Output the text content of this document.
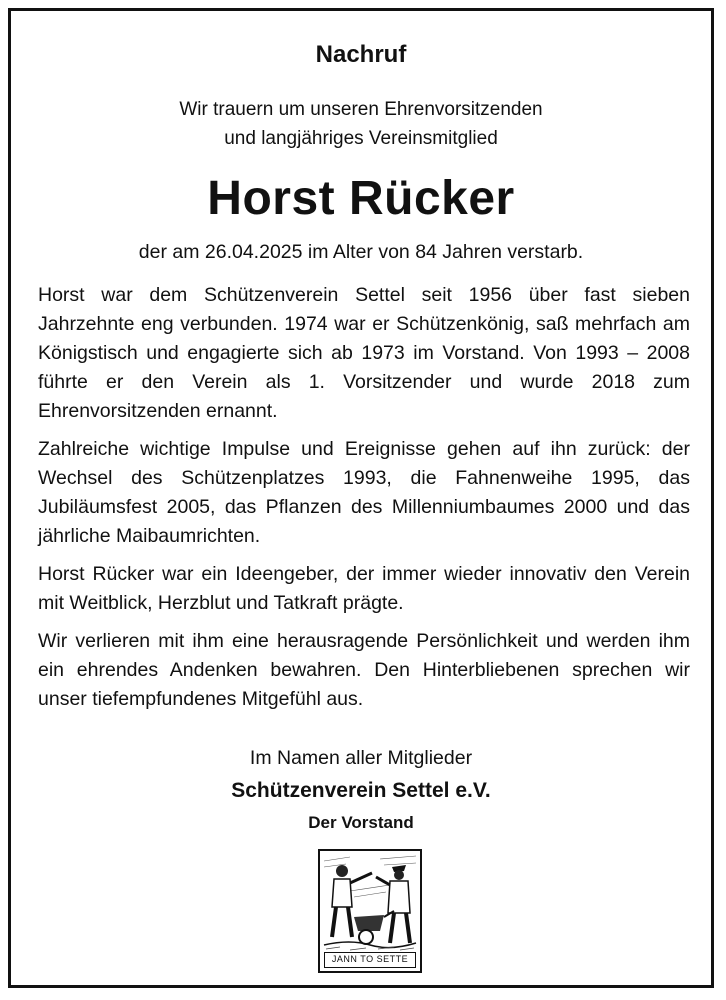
Nachruf
Wir trauern um unseren Ehrenvorsitzenden
und langjähriges Vereinsmitglied
Horst Rücker
der am 26.04.2025 im Alter von 84 Jahren verstarb.

Horst war dem Schützenverein Settel seit 1956 über fast sieben Jahrzehnte eng verbunden. 1974 war er Schützenkönig, saß mehrfach am Königstisch und engagierte sich ab 1973 im Vorstand. Von 1993 – 2008 führte er den Verein als 1. Vorsitzender und wurde 2018 zum Ehrenvorsitzenden ernannt.

Zahlreiche wichtige Impulse und Ereignisse gehen auf ihn zurück: der Wechsel des Schützenplatzes 1993, die Fahnenweihe 1995, das Jubiläumsfest 2005, das Pflanzen des Millenniumbaumes 2000 und das jährliche Maibaumrichten.

Horst Rücker war ein Ideengeber, der immer wieder innovativ den Verein mit Weitblick, Herzblut und Tatkraft prägte.

Wir verlieren mit ihm eine herausragende Persönlichkeit und werden ihm ein ehrendes Andenken bewahren. Den Hinterbliebenen sprechen wir unser tiefempfundenes Mitgefühl aus.

Im Namen aller Mitglieder
Schützenverein Settel e.V.
Der Vorstand
JANN TO SETTE
